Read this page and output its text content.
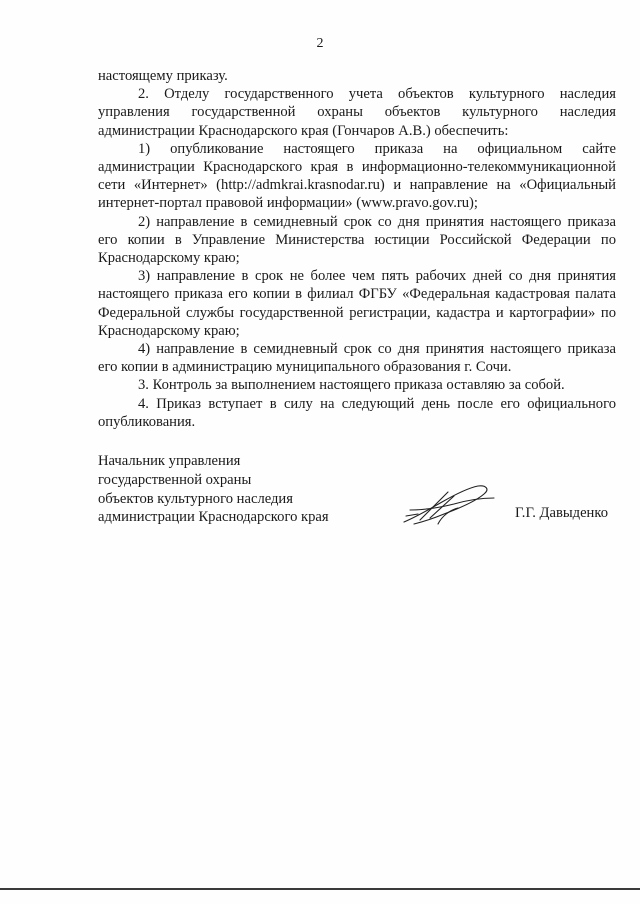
2
настоящему приказу.
2. Отделу государственного учета объектов культурного наследия
управления государственной охраны объектов культурного наследия
администрации Краснодарского края (Гончаров А.В.) обеспечить:
1) опубликование настоящего приказа на официальном сайте
администрации Краснодарского края в информационно-телекоммуникационной
сети «Интернет» (http://admkrai.krasnodar.ru) и направление на «Официальный
интернет-портал правовой информации» (www.pravo.gov.ru);
2) направление в семидневный срок со дня принятия настоящего приказа
его копии в Управление Министерства юстиции Российской Федерации по
Краснодарскому краю;
3) направление в срок не более чем пять рабочих дней со дня принятия
настоящего приказа его копии в филиал ФГБУ «Федеральная кадастровая палата
Федеральной службы государственной регистрации, кадастра и картографии» по
Краснодарскому краю;
4) направление в семидневный срок со дня принятия настоящего приказа
его копии в администрацию муниципального образования г. Сочи.
3. Контроль за выполнением настоящего приказа оставляю за собой.
4. Приказ вступает в силу на следующий день после его официального
опубликования.
Начальник управления
государственной охраны
объектов культурного наследия
администрации Краснодарского края	Г.Г. Давыденко
